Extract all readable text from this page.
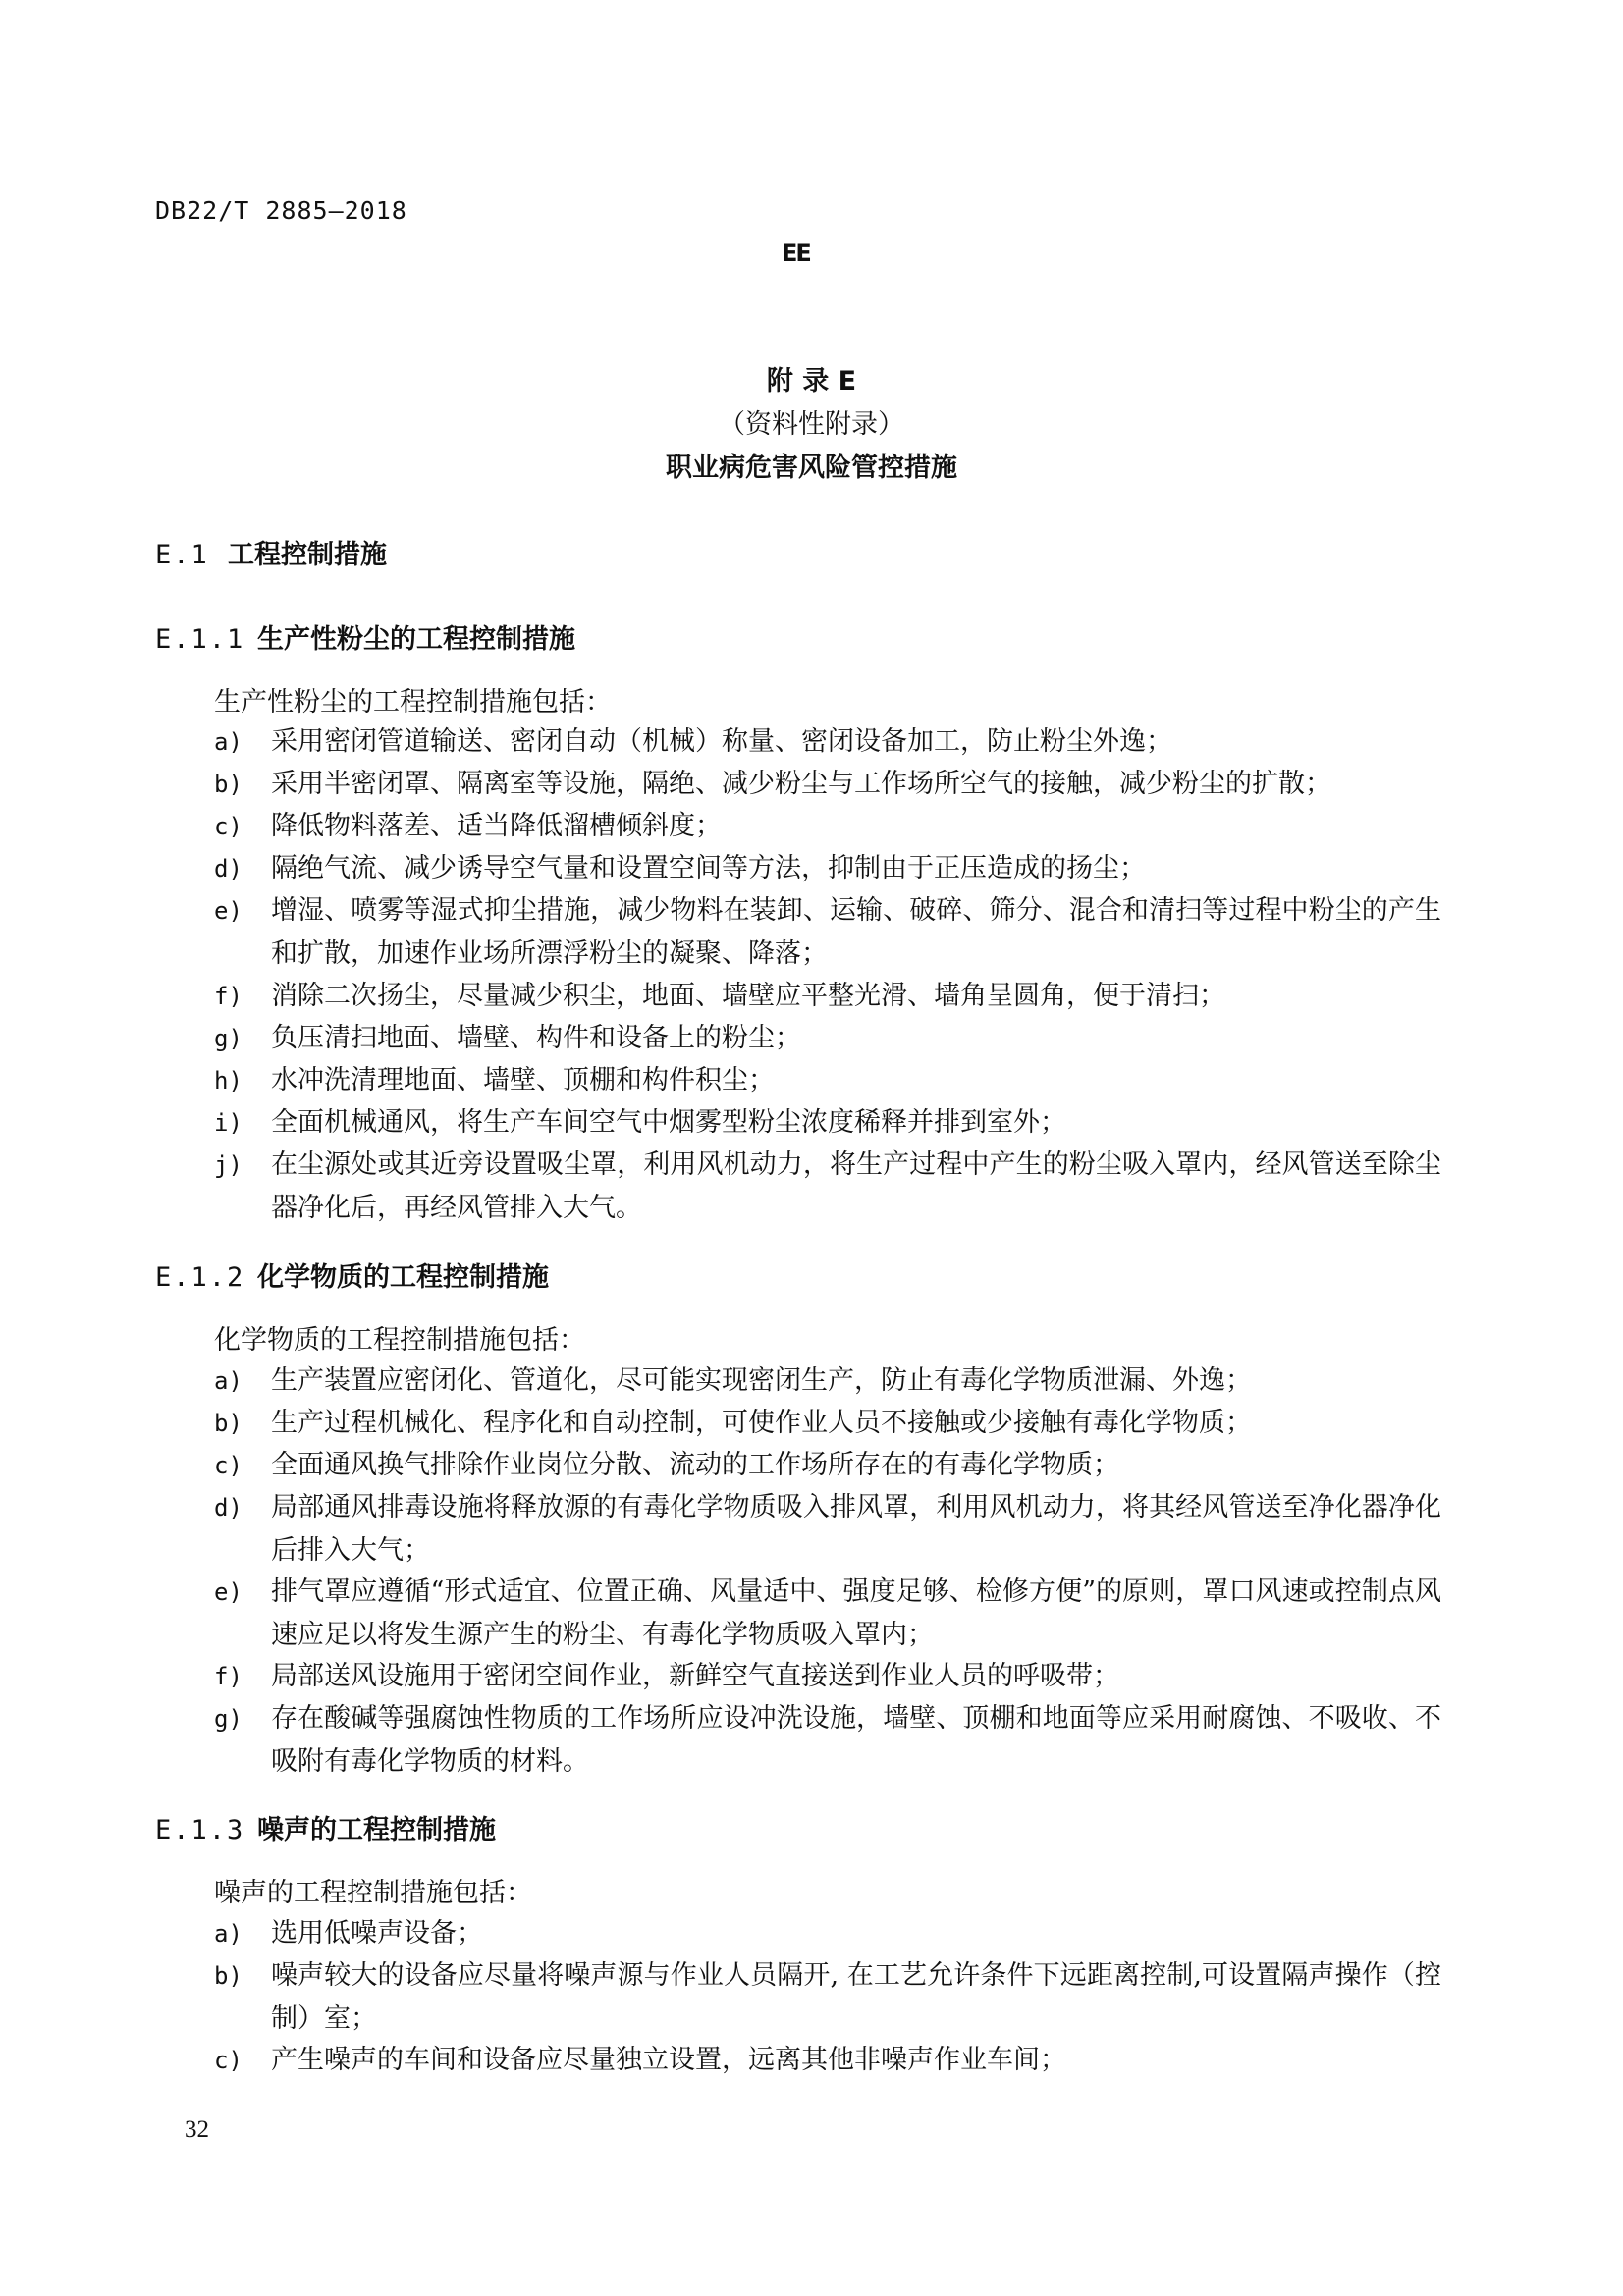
DB22/T 2885—2018
EE
附 录 E
（资料性附录）
职业病危害风险管控措施
E.1 工程控制措施
E.1.1 生产性粉尘的工程控制措施
生产性粉尘的工程控制措施包括：
a) 采用密闭管道输送、密闭自动（机械）称量、密闭设备加工，防止粉尘外逸；
b) 采用半密闭罩、隔离室等设施，隔绝、减少粉尘与工作场所空气的接触，减少粉尘的扩散；
c) 降低物料落差、适当降低溜槽倾斜度；
d) 隔绝气流、减少诱导空气量和设置空间等方法，抑制由于正压造成的扬尘；
e) 增湿、喷雾等湿式抑尘措施，减少物料在装卸、运输、破碎、筛分、混合和清扫等过程中粉尘的产生和扩散，加速作业场所漂浮粉尘的凝聚、降落；
f) 消除二次扬尘，尽量减少积尘，地面、墙壁应平整光滑、墙角呈圆角，便于清扫；
g) 负压清扫地面、墙壁、构件和设备上的粉尘；
h) 水冲洗清理地面、墙壁、顶棚和构件积尘；
i) 全面机械通风，将生产车间空气中烟雾型粉尘浓度稀释并排到室外；
j) 在尘源处或其近旁设置吸尘罩，利用风机动力，将生产过程中产生的粉尘吸入罩内，经风管送至除尘器净化后，再经风管排入大气。
E.1.2 化学物质的工程控制措施
化学物质的工程控制措施包括：
a) 生产装置应密闭化、管道化，尽可能实现密闭生产，防止有毒化学物质泄漏、外逸；
b) 生产过程机械化、程序化和自动控制，可使作业人员不接触或少接触有毒化学物质；
c) 全面通风换气排除作业岗位分散、流动的工作场所存在的有毒化学物质；
d) 局部通风排毒设施将释放源的有毒化学物质吸入排风罩，利用风机动力，将其经风管送至净化器净化后排入大气；
e) 排气罩应遵循“形式适宜、位置正确、风量适中、强度足够、检修方便”的原则，罩口风速或控制点风速应足以将发生源产生的粉尘、有毒化学物质吸入罩内；
f) 局部送风设施用于密闭空间作业，新鲜空气直接送到作业人员的呼吸带；
g) 存在酸碱等强腐蚀性物质的工作场所应设冲洗设施，墙壁、顶棚和地面等应采用耐腐蚀、不吸收、不吸附有毒化学物质的材料。
E.1.3 噪声的工程控制措施
噪声的工程控制措施包括：
a) 选用低噪声设备；
b) 噪声较大的设备应尽量将噪声源与作业人员隔开, 在工艺允许条件下远距离控制,可设置隔声操作（控制）室；
c) 产生噪声的车间和设备应尽量独立设置，远离其他非噪声作业车间；
32
